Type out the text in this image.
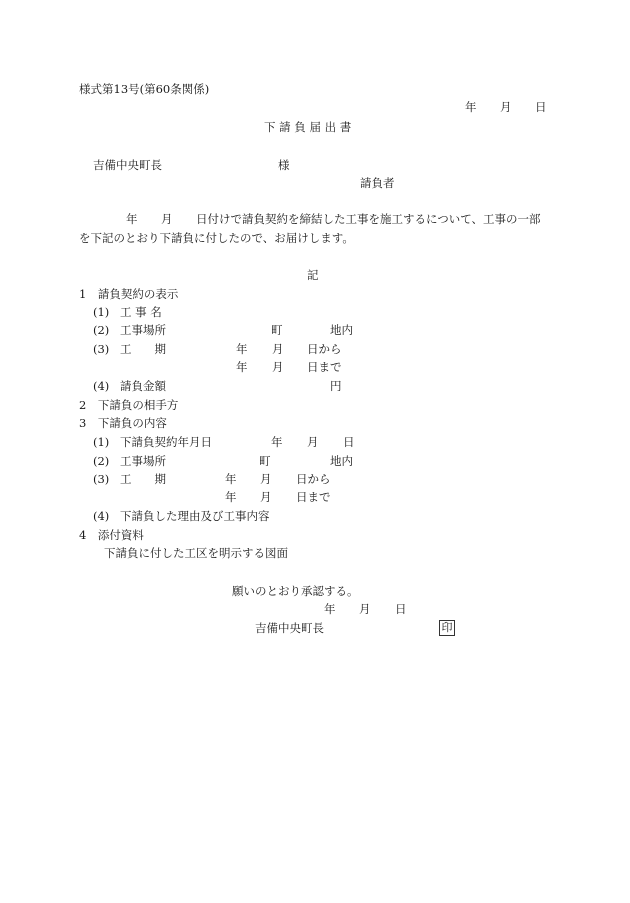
様式第13号(第60条関係)
年 月 日
下 請 負 届 出 書
吉備中央町長	様
請負者
年 月 日付けで請負契約を締結した工事を施工するについて、工事の一部
を下記のとおり下請負に付したので、お届けします。
記
1　請負契約の表示
(1) 工 事 名
(2) 工事場所	町	地内
(3) 工　　期	年 月 日から
年 月 日まで
(4) 請負金額	円
2　下請負の相手方
3　下請負の内容
(1) 下請負契約年月日	年 月 日
(2) 工事場所	町	地内
(3) 工　　期	年 月 日から
年 月 日まで
(4) 下請負した理由及び工事内容
4　添付資料
下請負に付した工区を明示する図面
願いのとおり承認する。
年 月 日
吉備中央町長	印
